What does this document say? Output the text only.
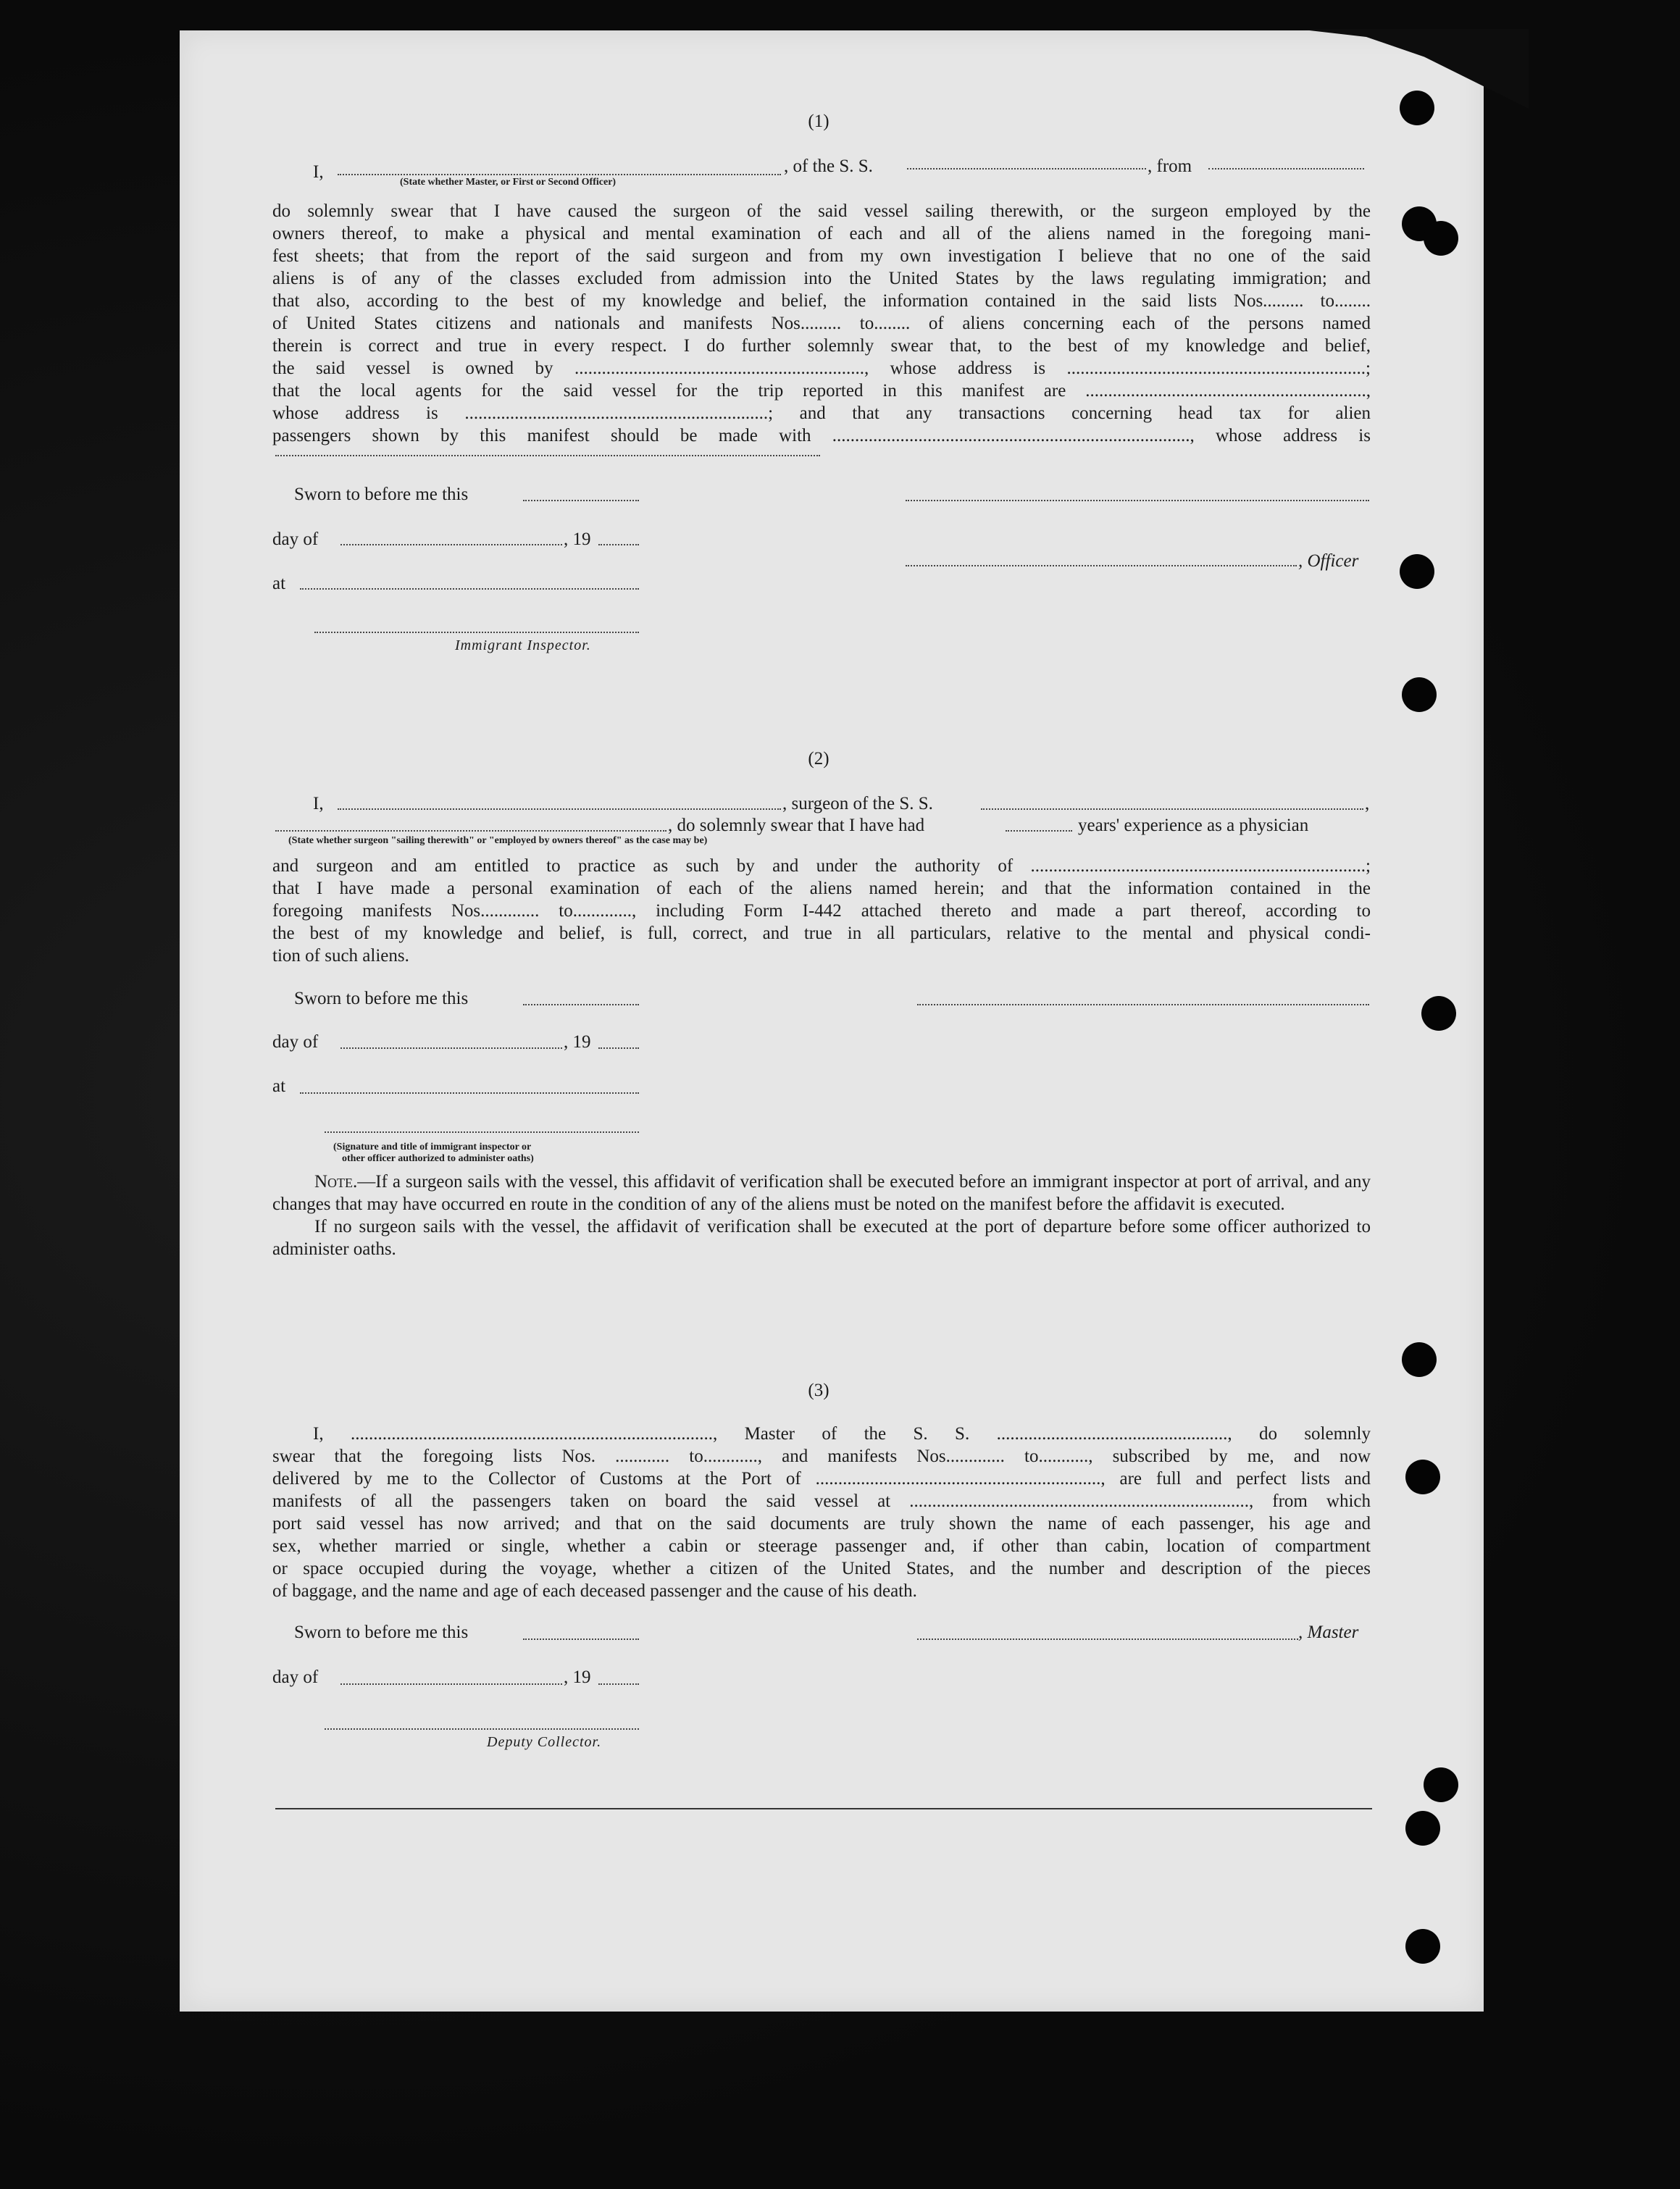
(1)
I,	, of the S. S.	, from
(State whether Master, or First or Second Officer)

do solemnly swear that I have caused the surgeon of the said vessel sailing therewith, or the surgeon employed by the

owners thereof, to make a physical and mental examination of each and all of the aliens named in the foregoing mani-

fest sheets; that from the report of the said surgeon and from my own investigation I believe that no one of the said

aliens is of any of the classes excluded from admission into the United States by the laws regulating immigration; and

that also, according to the best of my knowledge and belief, the information contained in the said lists Nos......... to........

of United States citizens and nationals and manifests Nos......... to........ of aliens concerning each of the persons named

therein is correct and true in every respect. I do further solemnly swear that, to the best of my knowledge and belief,

the said vessel is owned by ................................................................, whose address is ..................................................................;

that the local agents for the said vessel for the trip reported in this manifest are ..............................................................,

whose address is ...................................................................; and that any transactions concerning head tax for alien

passengers shown by this manifest should be made with ..............................................................................., whose address is

Sworn to before me this
day of	, 19
, Officer
at
Immigrant Inspector.
(2)
I,	, surgeon of the S. S.	,
, do solemnly swear that I have had	years' experience as a physician
(State whether surgeon "sailing therewith" or "employed by owners thereof" as the case may be)

and surgeon and am entitled to practice as such by and under the authority of ..........................................................................;

that I have made a personal examination of each of the aliens named herein; and that the information contained in the

foregoing manifests Nos............. to............., including Form I-442 attached thereto and made a part thereof, according to

the best of my knowledge and belief, is full, correct, and true in all particulars, relative to the mental and physical condi-

tion of such aliens.

Sworn to before me this
day of	, 19
at
(Signature and title of immigrant inspector or
other officer authorized to administer oaths)

Note.—If a surgeon sails with the vessel, this affidavit of verification shall be executed before an immigrant inspector at port of arrival, and any changes that may have occurred en route in the condition of any of the aliens must be noted on the manifest before the affidavit is executed.

If no surgeon sails with the vessel, the affidavit of verification shall be executed at the port of departure before some officer authorized to administer oaths.

(3)

I, ................................................................................, Master of the S. S. ..................................................., do solemnly

swear that the foregoing lists Nos. ............ to............, and manifests Nos............. to..........., subscribed by me, and now

delivered by me to the Collector of Customs at the Port of ..............................................................., are full and perfect lists and

manifests of all the passengers taken on board the said vessel at ..........................................................................., from which

port said vessel has now arrived; and that on the said documents are truly shown the name of each passenger, his age and

sex, whether married or single, whether a cabin or steerage passenger and, if other than cabin, location of compartment

or space occupied during the voyage, whether a citizen of the United States, and the number and description of the pieces

of baggage, and the name and age of each deceased passenger and the cause of his death.

Sworn to before me this	, Master
day of	, 19
Deputy Collector.
